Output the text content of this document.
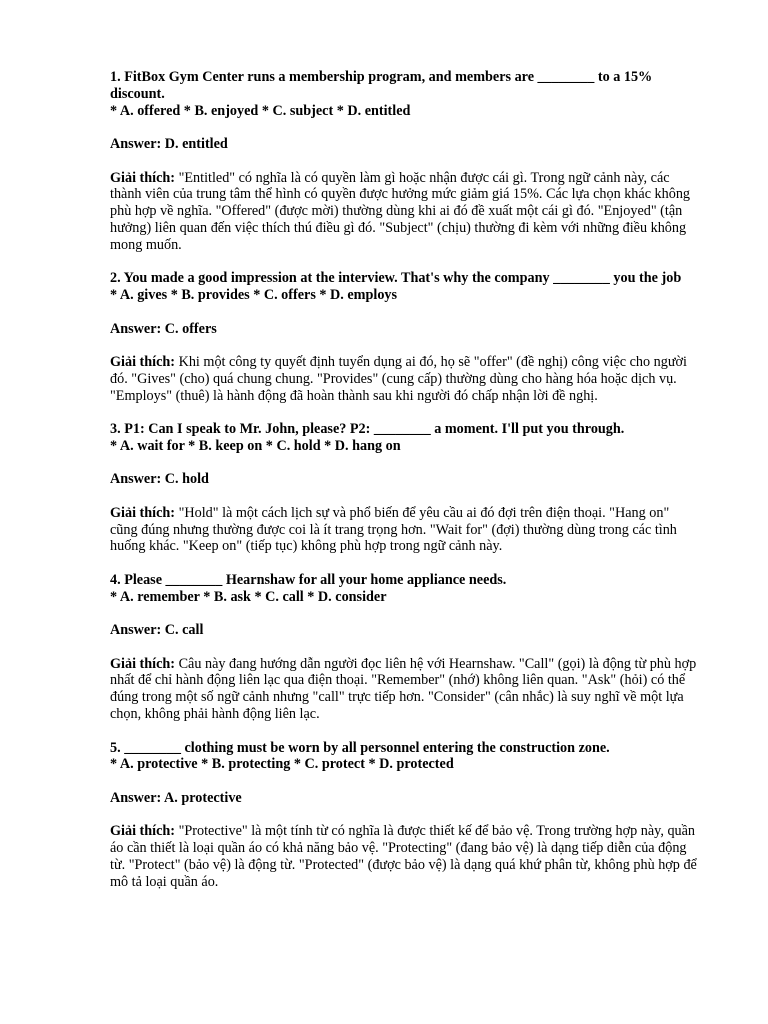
1. FitBox Gym Center runs a membership program, and members are ________ to a 15% discount.
* A. offered * B. enjoyed * C. subject * D. entitled
Answer: D. entitled
Giải thích: "Entitled" có nghĩa là có quyền làm gì hoặc nhận được cái gì. Trong ngữ cảnh này, các thành viên của trung tâm thể hình có quyền được hưởng mức giảm giá 15%. Các lựa chọn khác không phù hợp về nghĩa. "Offered" (được mời) thường dùng khi ai đó đề xuất một cái gì đó. "Enjoyed" (tận hưởng) liên quan đến việc thích thú điều gì đó. "Subject" (chịu) thường đi kèm với những điều không mong muốn.
2. You made a good impression at the interview. That's why the company ________ you the job
* A. gives * B. provides * C. offers * D. employs
Answer: C. offers
Giải thích: Khi một công ty quyết định tuyển dụng ai đó, họ sẽ "offer" (đề nghị) công việc cho người đó. "Gives" (cho) quá chung chung. "Provides" (cung cấp) thường dùng cho hàng hóa hoặc dịch vụ. "Employs" (thuê) là hành động đã hoàn thành sau khi người đó chấp nhận lời đề nghị.
3. P1: Can I speak to Mr. John, please? P2: ________ a moment. I'll put you through.
* A. wait for * B. keep on * C. hold * D. hang on
Answer: C. hold
Giải thích: "Hold" là một cách lịch sự và phổ biến để yêu cầu ai đó đợi trên điện thoại. "Hang on" cũng đúng nhưng thường được coi là ít trang trọng hơn. "Wait for" (đợi) thường dùng trong các tình huống khác. "Keep on" (tiếp tục) không phù hợp trong ngữ cảnh này.
4. Please ________ Hearnshaw for all your home appliance needs.
* A. remember * B. ask * C. call * D. consider
Answer: C. call
Giải thích: Câu này đang hướng dẫn người đọc liên hệ với Hearnshaw. "Call" (gọi) là động từ phù hợp nhất để chỉ hành động liên lạc qua điện thoại. "Remember" (nhớ) không liên quan. "Ask" (hỏi) có thể đúng trong một số ngữ cảnh nhưng "call" trực tiếp hơn. "Consider" (cân nhắc) là suy nghĩ về một lựa chọn, không phải hành động liên lạc.
5. ________ clothing must be worn by all personnel entering the construction zone.
* A. protective * B. protecting * C. protect * D. protected
Answer: A. protective
Giải thích: "Protective" là một tính từ có nghĩa là được thiết kế để bảo vệ. Trong trường hợp này, quần áo cần thiết là loại quần áo có khả năng bảo vệ. "Protecting" (đang bảo vệ) là dạng tiếp diễn của động từ. "Protect" (bảo vệ) là động từ. "Protected" (được bảo vệ) là dạng quá khứ phân từ, không phù hợp để mô tả loại quần áo.
